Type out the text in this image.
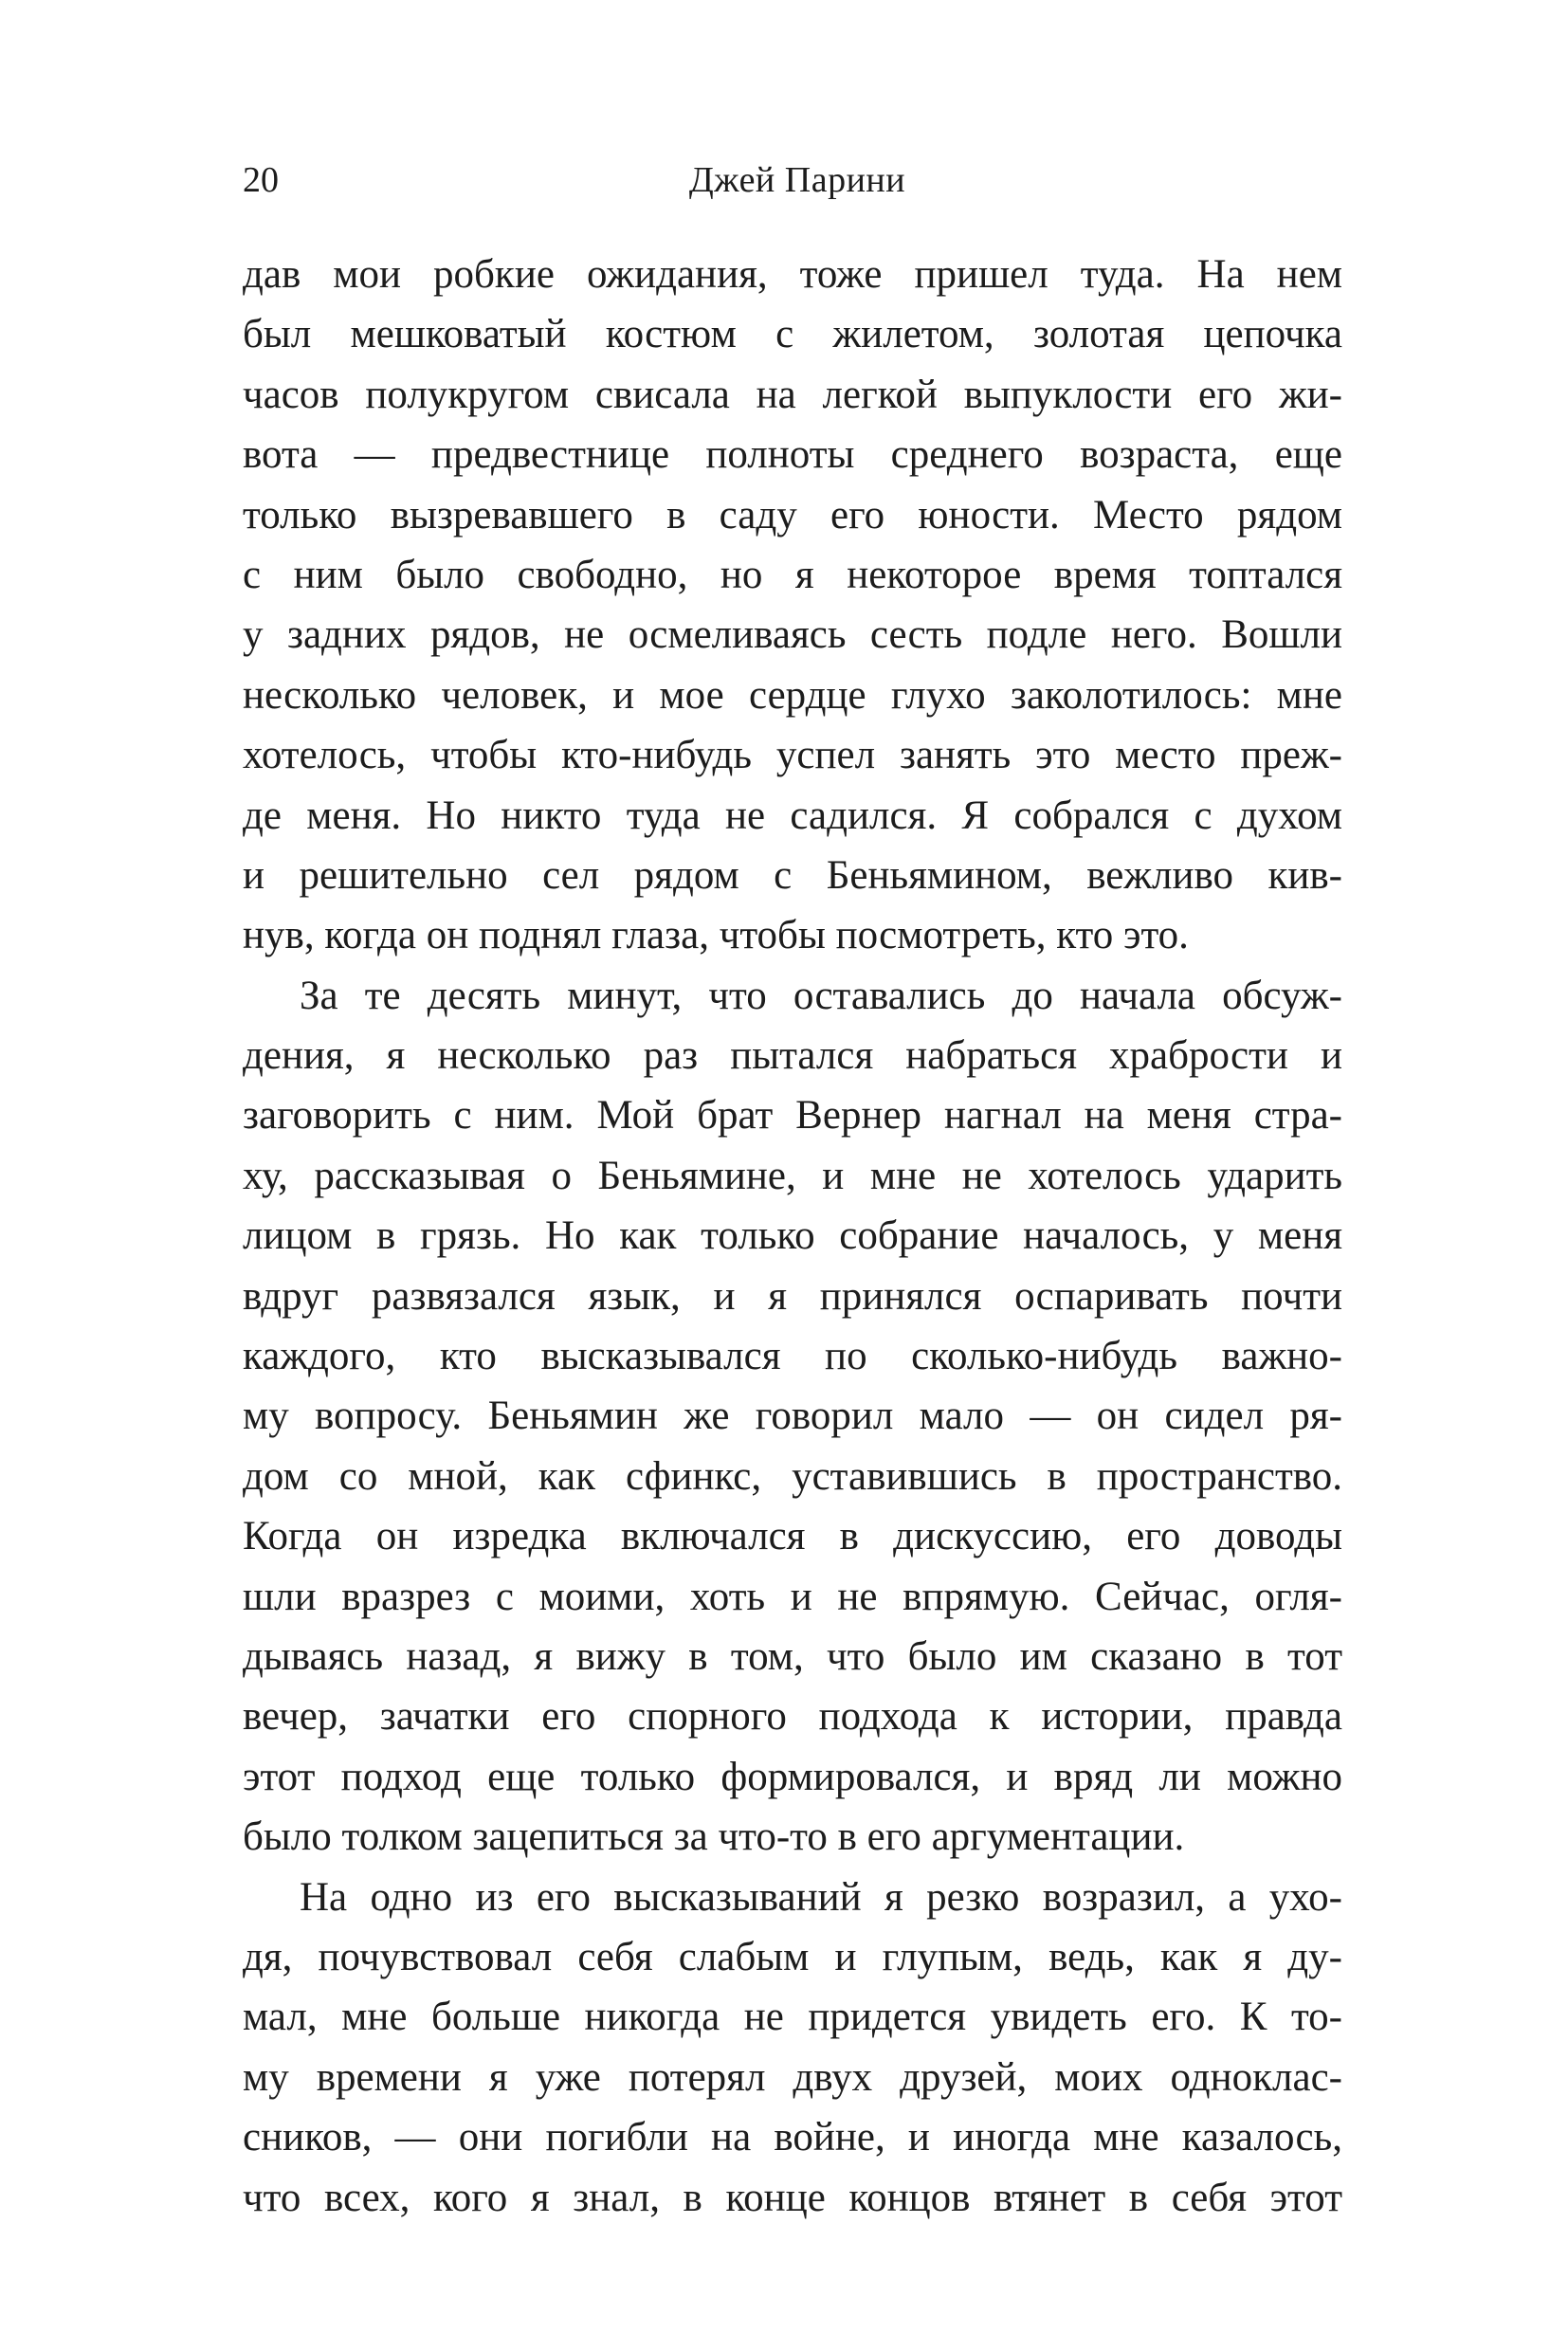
20	Джей Парини
дав мои робкие ожидания, тоже пришел туда. На нем
был мешковатый костюм с жилетом, золотая цепочка
часов полукругом свисала на легкой выпуклости его жи-
вота — предвестнице полноты среднего возраста, еще
только вызревавшего в саду его юности. Место рядом
с ним было свободно, но я некоторое время топтался
у задних рядов, не осмеливаясь сесть подле него. Вошли
несколько человек, и мое сердце глухо заколотилось: мне
хотелось, чтобы кто-нибудь успел занять это место преж-
де меня. Но никто туда не садился. Я собрался с духом
и решительно сел рядом с Беньямином, вежливо кив-
нув, когда он поднял глаза, чтобы посмотреть, кто это.
За те десять минут, что оставались до начала обсуж-
дения, я несколько раз пытался набраться храбрости и
заговорить с ним. Мой брат Вернер нагнал на меня стра-
ху, рассказывая о Беньямине, и мне не хотелось ударить
лицом в грязь. Но как только собрание началось, у меня
вдруг развязался язык, и я принялся оспаривать почти
каждого, кто высказывался по сколько-нибудь важно-
му вопросу. Беньямин же говорил мало — он сидел ря-
дом со мной, как сфинкс, уставившись в пространство.
Когда он изредка включался в дискуссию, его доводы
шли вразрез с моими, хоть и не впрямую. Сейчас, огля-
дываясь назад, я вижу в том, что было им сказано в тот
вечер, зачатки его спорного подхода к истории, правда
этот подход еще только формировался, и вряд ли можно
было толком зацепиться за что-то в его аргументации.
На одно из его высказываний я резко возразил, а ухо-
дя, почувствовал себя слабым и глупым, ведь, как я ду-
мал, мне больше никогда не придется увидеть его. К то-
му времени я уже потерял двух друзей, моих одноклас-
сников, — они погибли на войне, и иногда мне казалось,
что всех, кого я знал, в конце концов втянет в себя этот
